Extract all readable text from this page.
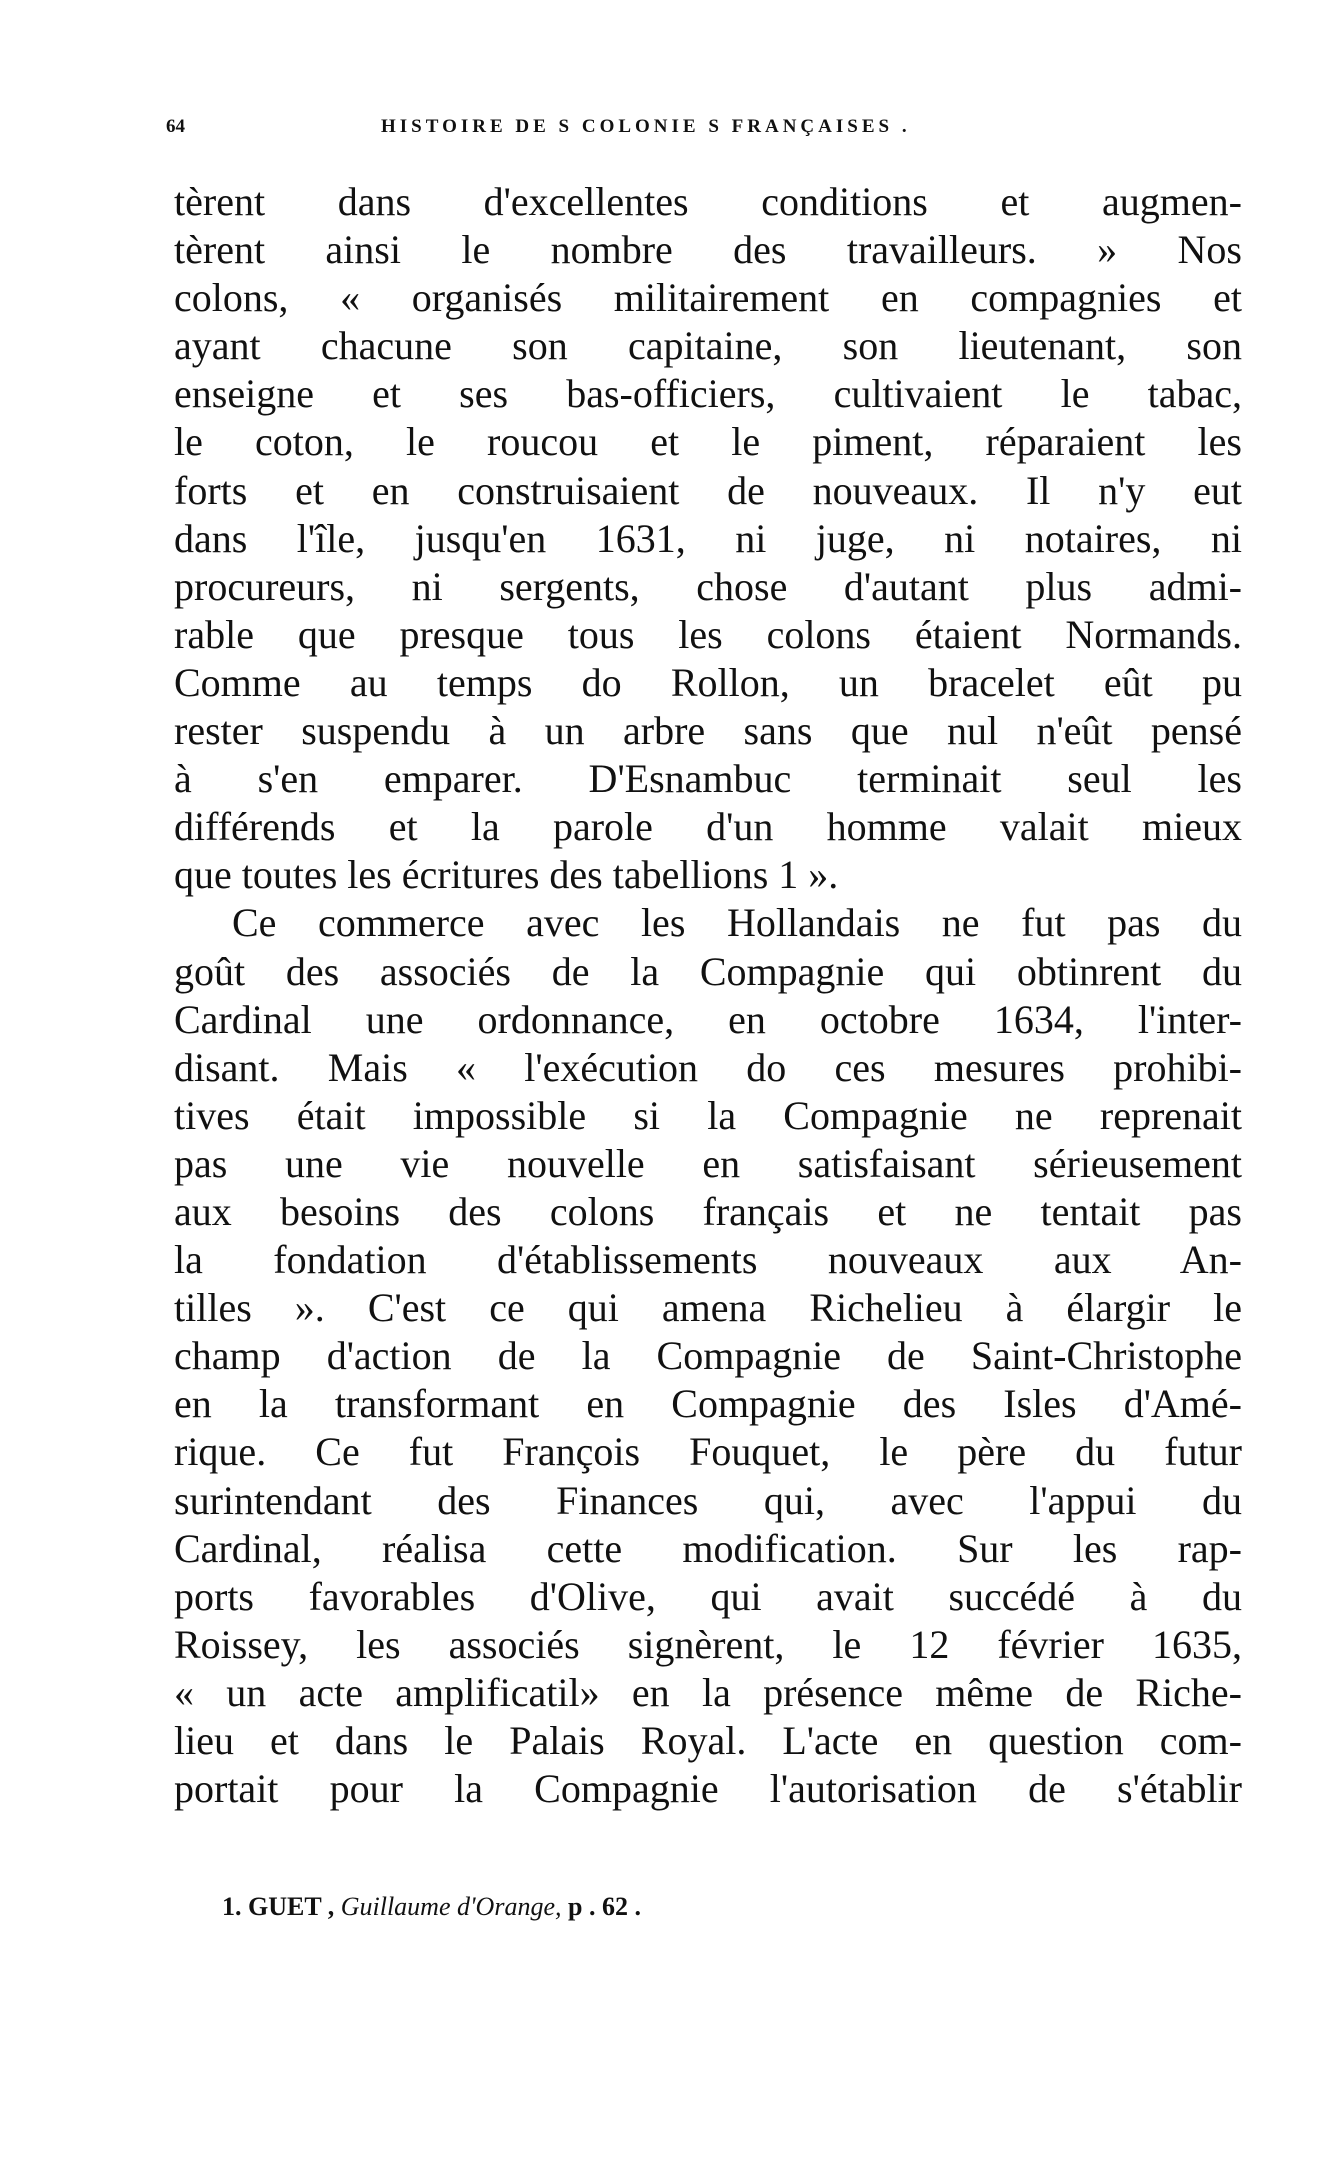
64	HISTOIRE DE S COLONIE S FRANÇAISES .
tèrent dans d'excellentes conditions et augmen-
tèrent ainsi le nombre des travailleurs. » Nos
colons, « organisés militairement en compagnies et
ayant chacune son capitaine, son lieutenant, son
enseigne et ses bas-officiers, cultivaient le tabac,
le coton, le roucou et le piment, réparaient les
forts et en construisaient de nouveaux. Il n'y eut
dans l'île, jusqu'en 1631, ni juge, ni notaires, ni
procureurs, ni sergents, chose d'autant plus admi-
rable que presque tous les colons étaient Normands.
Comme au temps do Rollon, un bracelet eût pu
rester suspendu à un arbre sans que nul n'eût pensé
à s'en emparer. D'Esnambuc terminait seul les
différends et la parole d'un homme valait mieux
que toutes les écritures des tabellions 1 ».
Ce commerce avec les Hollandais ne fut pas du
goût des associés de la Compagnie qui obtinrent du
Cardinal une ordonnance, en octobre 1634, l'inter-
disant. Mais « l'exécution do ces mesures prohibi-
tives était impossible si la Compagnie ne reprenait
pas une vie nouvelle en satisfaisant sérieusement
aux besoins des colons français et ne tentait pas
la fondation d'établissements nouveaux aux An-
tilles ». C'est ce qui amena Richelieu à élargir le
champ d'action de la Compagnie de Saint-Christophe
en la transformant en Compagnie des Isles d'Amé-
rique. Ce fut François Fouquet, le père du futur
surintendant des Finances qui, avec l'appui du
Cardinal, réalisa cette modification. Sur les rap-
ports favorables d'Olive, qui avait succédé à du
Roissey, les associés signèrent, le 12 février 1635,
« un acte amplificatil» en la présence même de Riche-
lieu et dans le Palais Royal. L'acte en question com-
portait pour la Compagnie l'autorisation de s'établir
1. GUET , Guillaume d'Orange, p . 62 .
